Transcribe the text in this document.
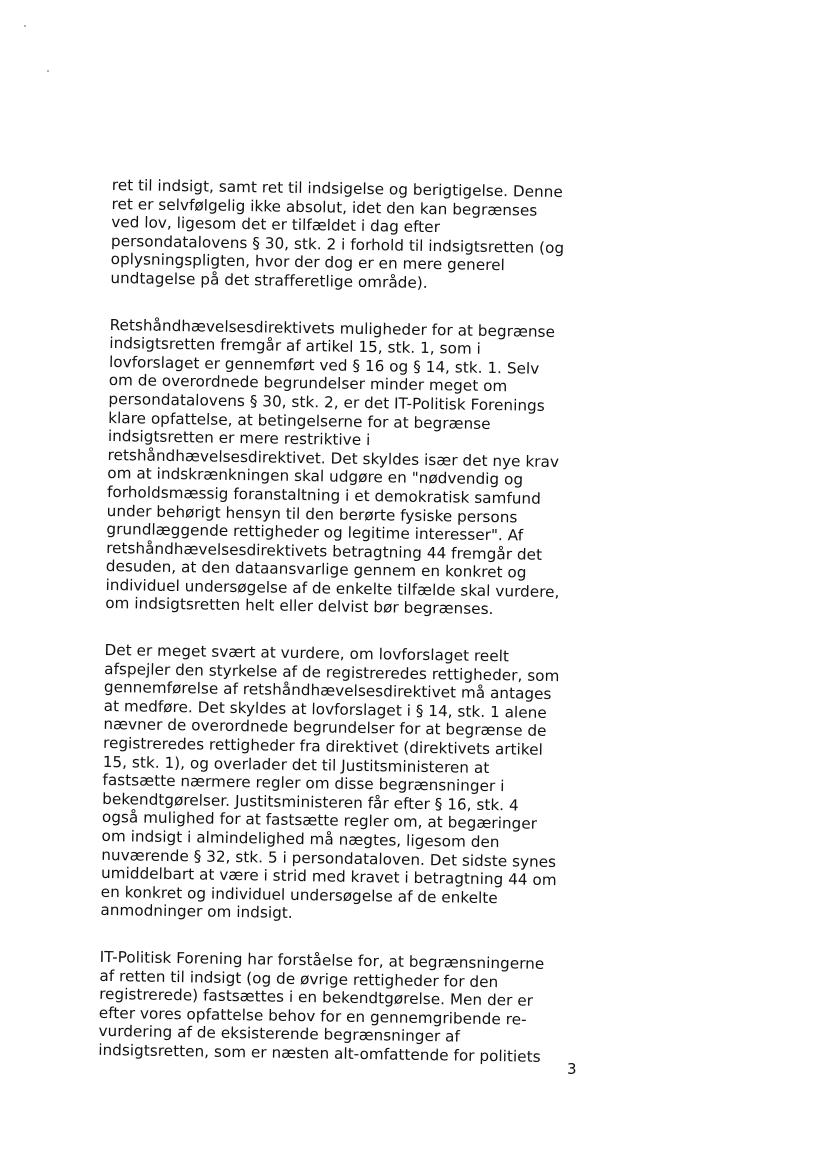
ret til indsigt, samt ret til indsigelse og berigtigelse. Denne
ret er selvfølgelig ikke absolut, idet den kan begrænses
ved lov, ligesom det er tilfældet i dag efter
persondatalovens § 30, stk. 2 i forhold til indsigtsretten (og
oplysningspligten, hvor der dog er en mere generel
undtagelse på det strafferetlige område).

Retshåndhævelsesdirektivets muligheder for at begrænse
indsigtsretten fremgår af artikel 15, stk. 1, som i
lovforslaget er gennemført ved § 16 og § 14, stk. 1. Selv
om de overordnede begrundelser minder meget om
persondatalovens § 30, stk. 2, er det IT-Politisk Forenings
klare opfattelse, at betingelserne for at begrænse
indsigtsretten er mere restriktive i
retshåndhævelsesdirektivet. Det skyldes især det nye krav
om at indskrænkningen skal udgøre en "nødvendig og
forholdsmæssig foranstaltning i et demokratisk samfund
under behørigt hensyn til den berørte fysiske persons
grundlæggende rettigheder og legitime interesser". Af
retshåndhævelsesdirektivets betragtning 44 fremgår det
desuden, at den dataansvarlige gennem en konkret og
individuel undersøgelse af de enkelte tilfælde skal vurdere,
om indsigtsretten helt eller delvist bør begrænses.

Det er meget svært at vurdere, om lovforslaget reelt
afspejler den styrkelse af de registreredes rettigheder, som
gennemførelse af retshåndhævelsesdirektivet må antages
at medføre. Det skyldes at lovforslaget i § 14, stk. 1 alene
nævner de overordnede begrundelser for at begrænse de
registreredes rettigheder fra direktivet (direktivets artikel
15, stk. 1), og overlader det til Justitsministeren at
fastsætte nærmere regler om disse begrænsninger i
bekendtgørelser. Justitsministeren får efter § 16, stk. 4
også mulighed for at fastsætte regler om, at begæringer
om indsigt i almindelighed må nægtes, ligesom den
nuværende § 32, stk. 5 i persondataloven. Det sidste synes
umiddelbart at være i strid med kravet i betragtning 44 om
en konkret og individuel undersøgelse af de enkelte
anmodninger om indsigt.

IT-Politisk Forening har forståelse for, at begrænsningerne
af retten til indsigt (og de øvrige rettigheder for den
registrerede) fastsættes i en bekendtgørelse. Men der er
efter vores opfattelse behov for en gennemgribende re-
vurdering af de eksisterende begrænsninger af
indsigtsretten, som er næsten alt-omfattende for politiets

3
